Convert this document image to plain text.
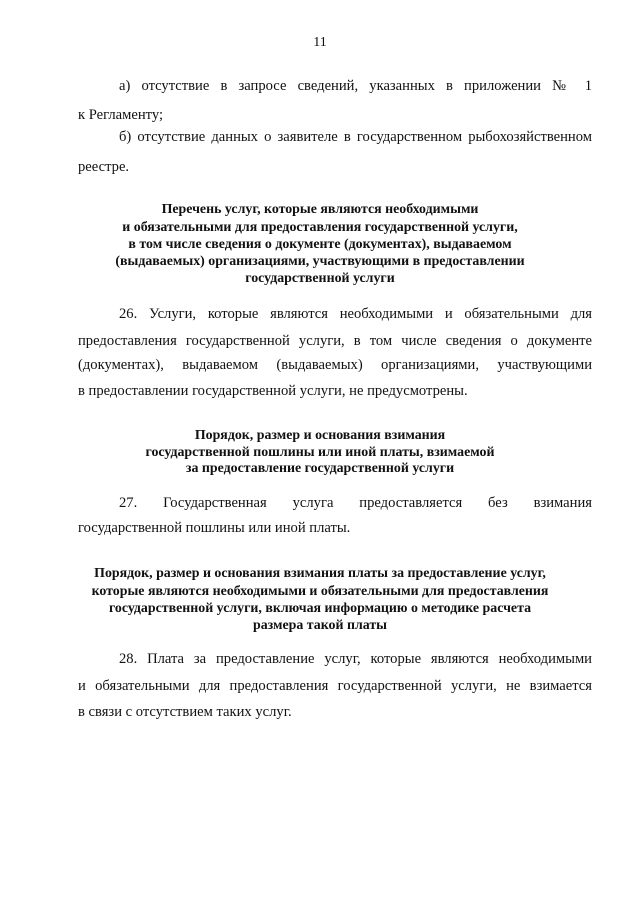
11
а) отсутствие в запросе сведений, указанных в приложении № 1
к Регламенту;
б) отсутствие данных о заявителе в государственном рыбохозяйственном
реестре.
Перечень услуг, которые являются необходимыми
и обязательными для предоставления государственной услуги,
в том числе сведения о документе (документах), выдаваемом
(выдаваемых) организациями, участвующими в предоставлении
государственной услуги
26. Услуги, которые являются необходимыми и обязательными для
предоставления государственной услуги, в том числе сведения о документе
(документах), выдаваемом (выдаваемых) организациями, участвующими
в предоставлении государственной услуги, не предусмотрены.
Порядок, размер и основания взимания
государственной пошлины или иной платы, взимаемой
за предоставление государственной услуги
27. Государственная услуга предоставляется без взимания
государственной пошлины или иной платы.
Порядок, размер и основания взимания платы за предоставление услуг,
которые являются необходимыми и обязательными для предоставления
государственной услуги, включая информацию о методике расчета
размера такой платы
28. Плата за предоставление услуг, которые являются необходимыми
и обязательными для предоставления государственной услуги, не взимается
в связи с отсутствием таких услуг.
